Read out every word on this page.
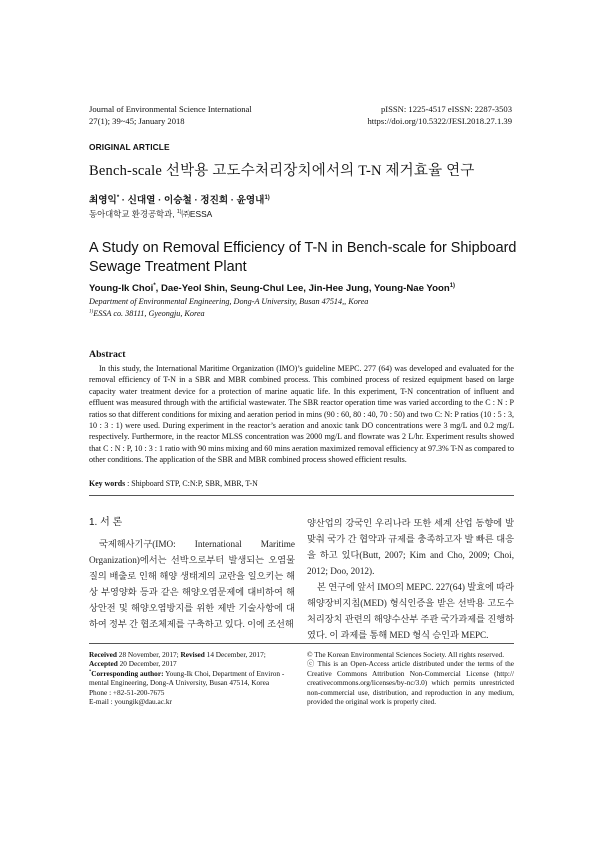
Journal of Environmental Science International
27(1); 39~45; January 2018
pISSN: 1225-4517 eISSN: 2287-3503
https://doi.org/10.5322/JESI.2018.27.1.39
ORIGINAL ARTICLE
Bench-scale 선박용 고도수처리장치에서의 T-N 제거효율 연구
최영익* · 신대열 · 이승철 · 정진희 · 윤영내$^{1)}$
동아대학교 환경공학과, $^{1)}$㈜ESSA
A Study on Removal Efficiency of T-N in Bench-scale for Shipboard Sewage Treatment Plant
Young-Ik Choi*, Dae-Yeol Shin, Seung-Chul Lee, Jin-Hee Jung, Young-Nae Yoon$^{1)}$
Department of Environmental Engineering, Dong-A University, Busan 47514,, Korea
$^{1)}$ESSA co. 38111, Gyeongju, Korea
Abstract
In this study, the International Maritime Organization (IMO)’s guideline MEPC. 277 (64) was developed and evaluated for the removal efficiency of T-N in a SBR and MBR combined process. This combined process of resized equipment based on large capacity water treatment device for a protection of marine aquatic life. In this experiment, T-N concentration of influent and effluent was measured through with the artificial wastewater. The SBR reactor operation time was varied according to the C : N : P ratios so that different conditions for mixing and aeration period in mins (90 : 60, 80 : 40, 70 : 50) and two C: N: P ratios (10 : 5 : 3, 10 : 3 : 1) were used. During experiment in the reactor’s aeration and anoxic tank DO concentrations were 3 mg/L and 0.2 mg/L respectively. Furthermore, in the reactor MLSS concentration was 2000 mg/L and flowrate was 2 L/hr. Experiment results showed that C : N : P, 10 : 3 : 1 ratio with 90 mins mixing and 60 mins aeration maximized removal efficiency at 97.3% T-N as compared to other conditions. The application of the SBR and MBR combined process showed efficient results.
Key words : Shipboard STP, C:N:P, SBR, MBR, T-N
1. 서 론

국제해사기구(IMO: International Maritime Organization)에서는 선박으로부터 발생되는 오염물질의 배출로 인해 해양 생태계의 교란을 일으키는 해상 부영양화 등과 같은 해양오염문제에 대비하여 해상안전 및 해양오염방지를 위한 제반 기술사항에 대하여 정부 간 협조체제를 구축하고 있다. 이에 조선해

양산업의 강국인 우리나라 또한 세계 산업 동향에 발맞춰 국가 간 협약과 규제를 충족하고자 발 빠른 대응을 하고 있다(Butt, 2007; Kim and Cho, 2009; Choi, 2012; Doo, 2012).

본 연구에 앞서 IMO의 MEPC. 227(64) 발효에 따라 해양장비지침(MED) 형식인증을 받은 선박용 고도수처리장치 관련의 해양수산부 주관 국가과제를 진행하였다. 이 과제를 통해 MED 형식 승인과 MEPC.

Received 28 November, 2017; Revised 14 December, 2017;
Accepted 20 December, 2017
*Corresponding author: Young-Ik Choi, Department of Environ -mental Engineering, Dong-A University, Busan 47514, Korea
Phone : +82-51-200-7675
E-mail : youngik@dau.ac.kr
© The Korean Environmental Sciences Society. All rights reserved.
ⓒ This is an Open-Access article distributed under the terms of the Creative Commons Attribution Non-Commercial License (http:// creativecommons.org/licenses/by-nc/3.0) which permits unrestricted non-commercial use, distribution, and reproduction in any medium, provided the original work is properly cited.
